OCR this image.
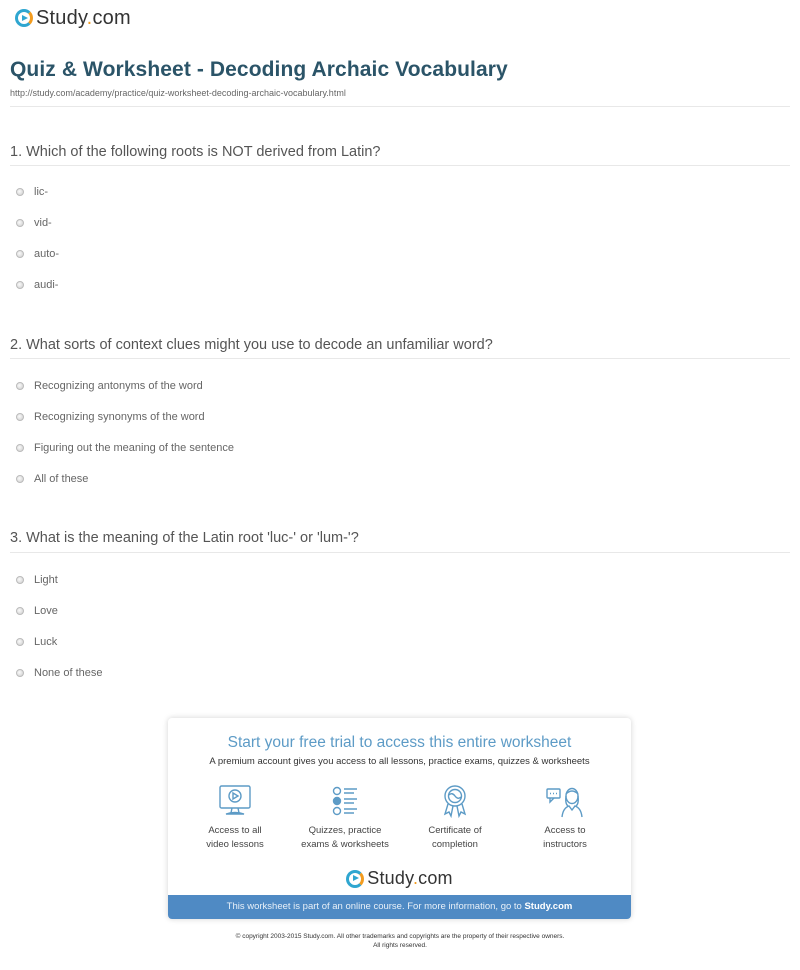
Study.com
Quiz & Worksheet - Decoding Archaic Vocabulary
http://study.com/academy/practice/quiz-worksheet-decoding-archaic-vocabulary.html
1. Which of the following roots is NOT derived from Latin?
lic-
vid-
auto-
audi-
2. What sorts of context clues might you use to decode an unfamiliar word?
Recognizing antonyms of the word
Recognizing synonyms of the word
Figuring out the meaning of the sentence
All of these
3. What is the meaning of the Latin root 'luc-' or 'lum-'?
Light
Love
Luck
None of these
Start your free trial to access this entire worksheet
A premium account gives you access to all lessons, practice exams, quizzes & worksheets
Access to all
video lessons
Quizzes, practice
exams & worksheets
Certificate of
completion
Access to
instructors
Study.com
This worksheet is part of an online course. For more information, go to Study.com
© copyright 2003-2015 Study.com. All other trademarks and copyrights are the property of their respective owners.
All rights reserved.
